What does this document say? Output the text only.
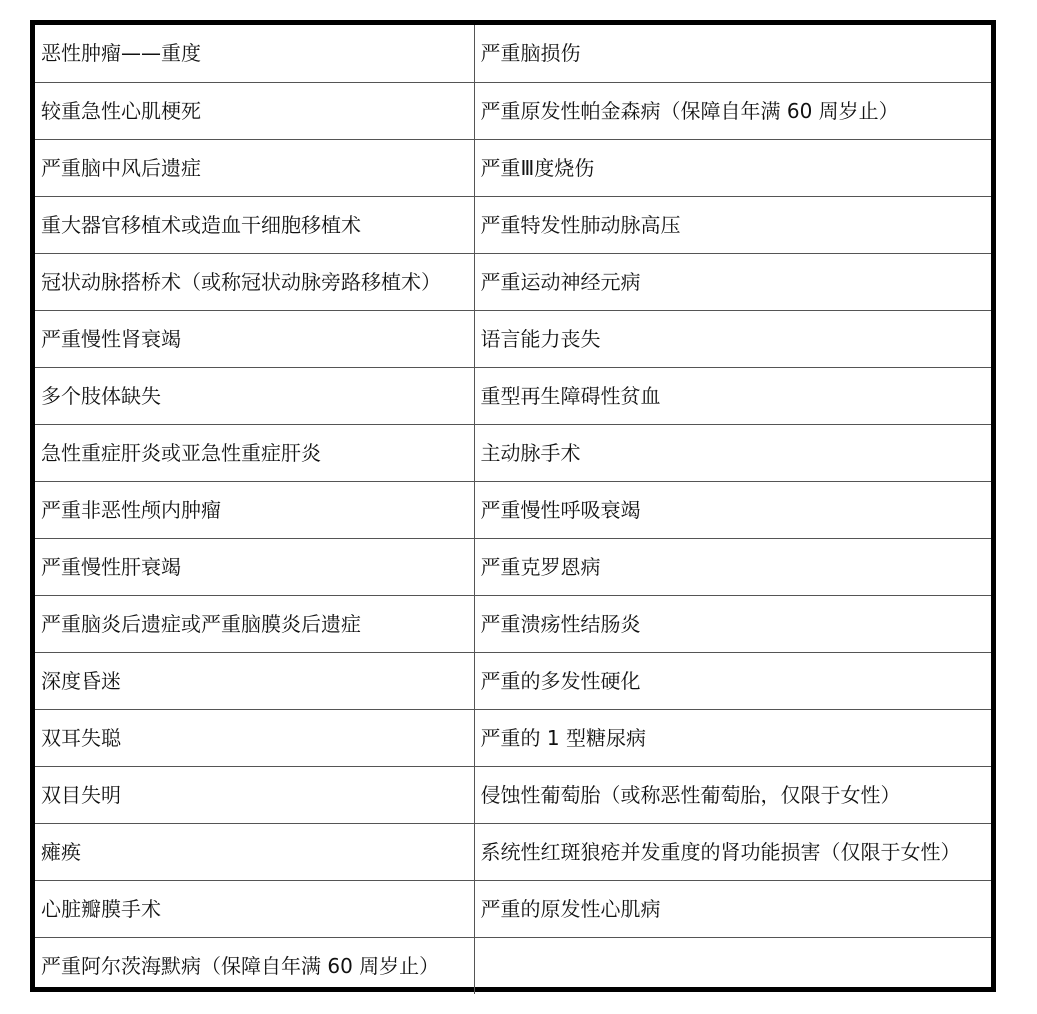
恶性肿瘤——重度	严重脑损伤
较重急性心肌梗死	严重原发性帕金森病（保障自年满 60 周岁止）
严重脑中风后遗症	严重Ⅲ度烧伤
重大器官移植术或造血干细胞移植术	严重特发性肺动脉高压
冠状动脉搭桥术（或称冠状动脉旁路移植术）	严重运动神经元病
严重慢性肾衰竭	语言能力丧失
多个肢体缺失	重型再生障碍性贫血
急性重症肝炎或亚急性重症肝炎	主动脉手术
严重非恶性颅内肿瘤	严重慢性呼吸衰竭
严重慢性肝衰竭	严重克罗恩病
严重脑炎后遗症或严重脑膜炎后遗症	严重溃疡性结肠炎
深度昏迷	严重的多发性硬化
双耳失聪	严重的 1 型糖尿病
双目失明	侵蚀性葡萄胎（或称恶性葡萄胎，仅限于女性）
瘫痪	系统性红斑狼疮并发重度的肾功能损害（仅限于女性）
心脏瓣膜手术	严重的原发性心肌病
严重阿尔茨海默病（保障自年满 60 周岁止）	
